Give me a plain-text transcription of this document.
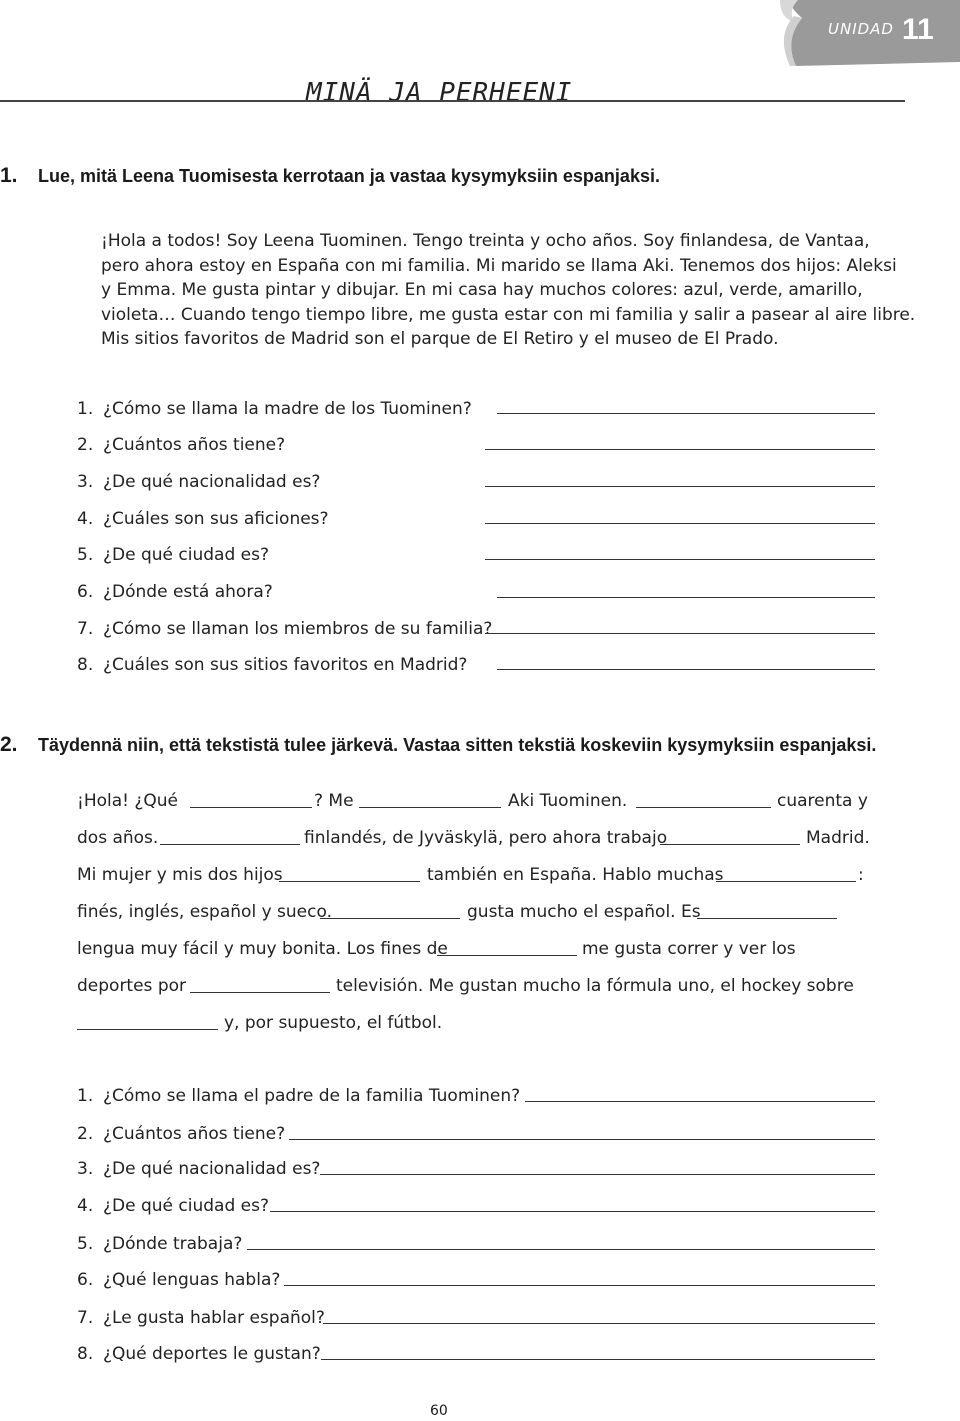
UNIDAD 11
MINÄ JA PERHEENI
1. Lue, mitä Leena Tuomisesta kerrotaan ja vastaa kysymyksiin espanjaksi.
¡Hola a todos! Soy Leena Tuominen. Tengo treinta y ocho años. Soy finlandesa, de Vantaa,
pero ahora estoy en España con mi familia. Mi marido se llama Aki. Tenemos dos hijos: Aleksi
y Emma. Me gusta pintar y dibujar. En mi casa hay muchos colores: azul, verde, amarillo,
violeta… Cuando tengo tiempo libre, me gusta estar con mi familia y salir a pasear al aire libre.
Mis sitios favoritos de Madrid son el parque de El Retiro y el museo de El Prado.
1. ¿Cómo se llama la madre de los Tuominen?
2. ¿Cuántos años tiene?
3. ¿De qué nacionalidad es?
4. ¿Cuáles son sus aficiones?
5. ¿De qué ciudad es?
6. ¿Dónde está ahora?
7. ¿Cómo se llaman los miembros de su familia?
8. ¿Cuáles son sus sitios favoritos en Madrid?
2. Täydennä niin, että tekstistä tulee järkevä. Vastaa sitten tekstiä koskeviin kysymyksiin espanjaksi.
¡Hola! ¿Qué	? Me	Aki Tuominen.	cuarenta y
dos años.	finlandés, de Jyväskylä, pero ahora trabajo	Madrid.
Mi mujer y mis dos hijos	también en España. Hablo muchas	:
finés, inglés, español y sueco.	gusta mucho el español. Es
lengua muy fácil y muy bonita. Los fines de	me gusta correr y ver los
deportes por	televisión. Me gustan mucho la fórmula uno, el hockey sobre
y, por supuesto, el fútbol.
1. ¿Cómo se llama el padre de la familia Tuominen?
2. ¿Cuántos años tiene?
3. ¿De qué nacionalidad es?
4. ¿De qué ciudad es?
5. ¿Dónde trabaja?
6. ¿Qué lenguas habla?
7. ¿Le gusta hablar español?
8. ¿Qué deportes le gustan?
60
